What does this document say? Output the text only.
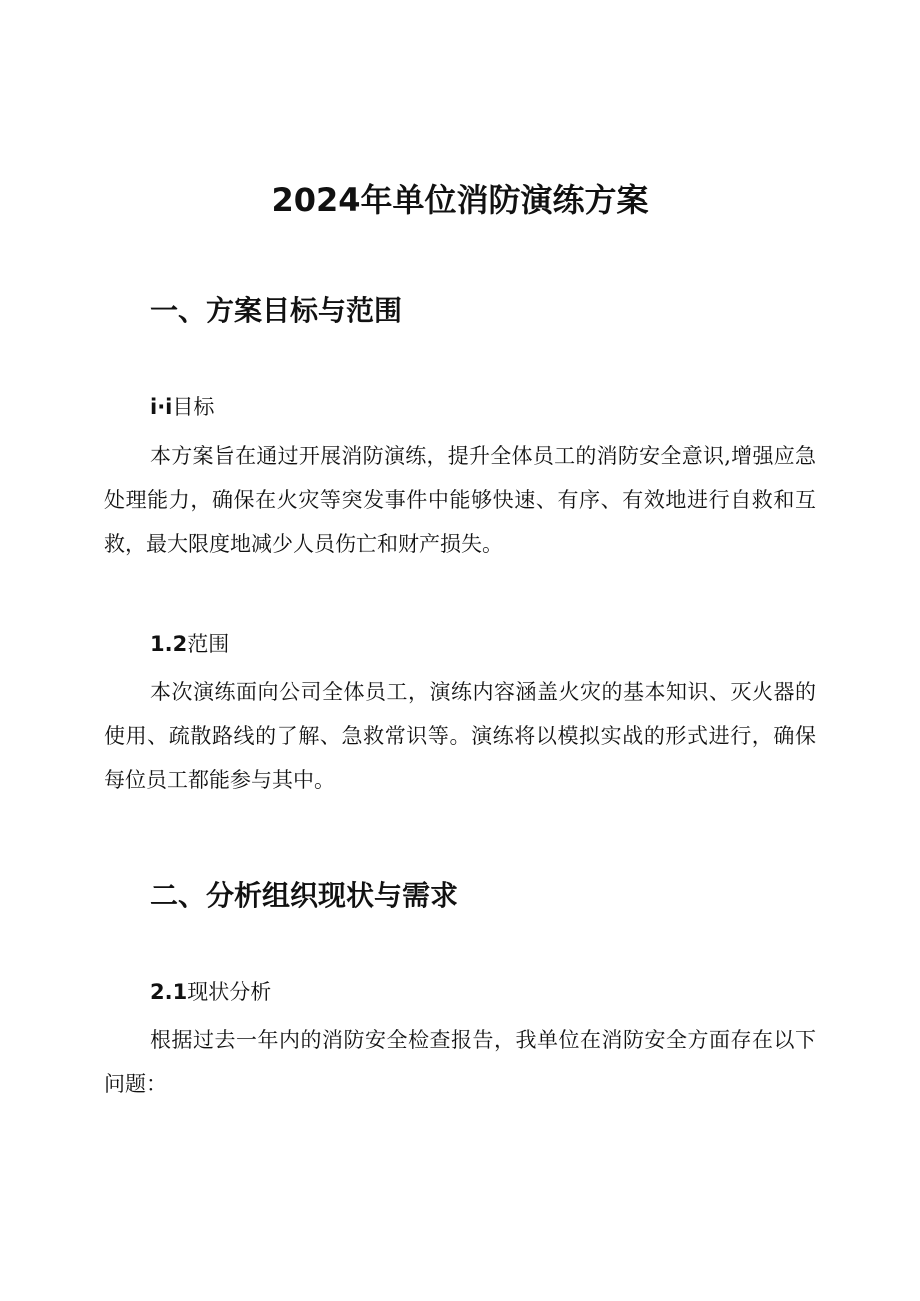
2024年单位消防演练方案
一、方案目标与范围
i·i目标

本方案旨在通过开展消防演练，提升全体员工的消防安全意识,增强应急处理能力，确保在火灾等突发事件中能够快速、有序、有效地进行自救和互救，最大限度地减少人员伤亡和财产损失。

1.2范围

本次演练面向公司全体员工，演练内容涵盖火灾的基本知识、灭火器的使用、疏散路线的了解、急救常识等。演练将以模拟实战的形式进行，确保每位员工都能参与其中。

二、分析组织现状与需求
2.1现状分析

根据过去一年内的消防安全检查报告，我单位在消防安全方面存在以下问题：
